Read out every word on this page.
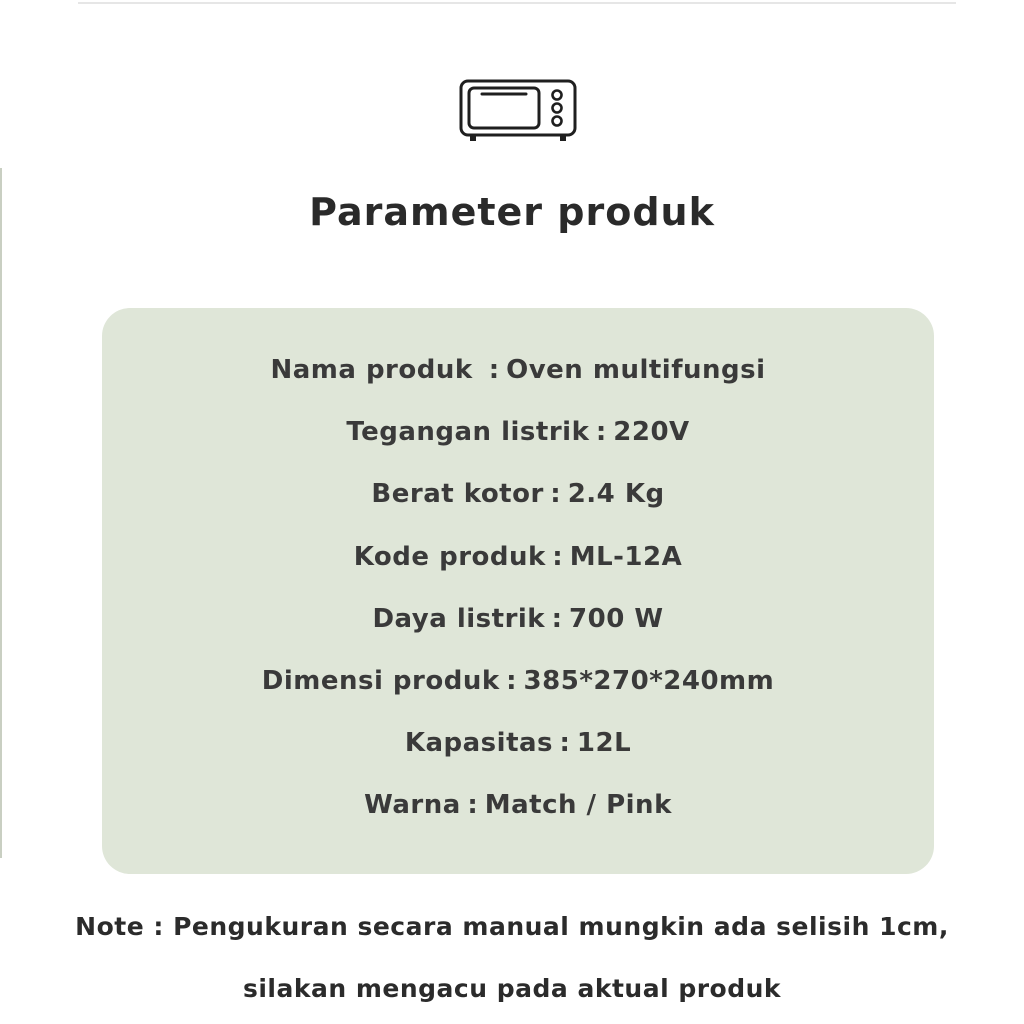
Parameter produk
Nama produk : Oven multifungsi
Tegangan listrik : 220V
Berat kotor : 2.4 Kg
Kode produk : ML-12A
Daya listrik : 700 W
Dimensi produk : 385*270*240mm
Kapasitas : 12L
Warna : Match / Pink
Note : Pengukuran secara manual mungkin ada selisih 1cm,
silakan mengacu pada aktual produk
